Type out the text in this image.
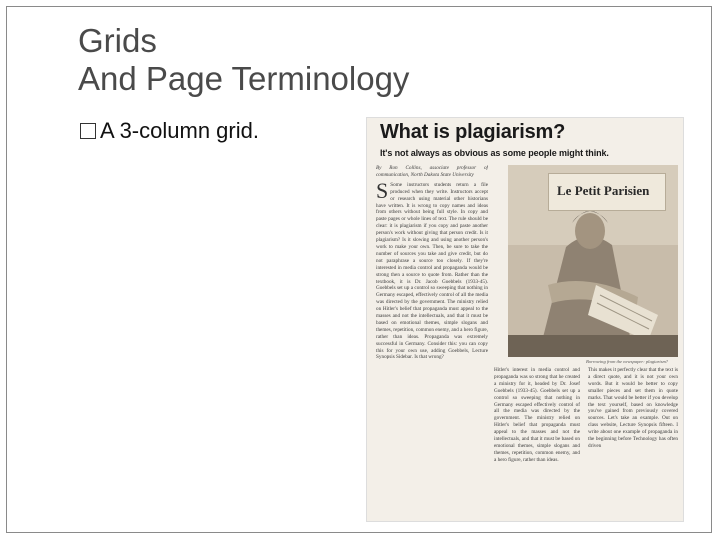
Grids
And Page Terminology
A 3-column grid.	What is plagiarism?
It's not always as obvious as some people might think.
By Ron Collins, associate professor of communication, North Dakota State University
S Some instructors students return a file produced when they write. Instructors accept or research using material other historians have written. It is wrong to copy names and ideas from others without being full style. In copy and paste pages or whole lines of text. The rule should be clear: it is plagiarism if you copy and paste another person's work without giving that person credit. Is it plagiarism? Is it slowing and using another person's work to make your own. Then, be sure to take the number of sources you take and give credit, but do not paraphrase a source too closely. If they're interested in media control and propaganda would be strong then a source to quote from. Rather than the textbook, it is Dr. Jacob Goebbels (1933-45). Goebbels set up a control so sweeping that nothing in Germany escaped, effectively control of all the media was directed by the government. The ministry relied on Hitler's belief that propaganda must appeal to the masses and not the intellectuals, and that it must be based on emotional themes, simple slogans and themes, repetition, common enemy, and a hero figure, rather than ideas. Propaganda was extremely successful in Germany. Consider this: you can copy this for your own use, adding Goebbels, Lecture Synopsis Sidebar. Is that wrong?
Le Petit Parisien
Borrowing from the newspaper: plagiarism?
Hitler's interest in media control and propaganda was so strong that he created a ministry for it, headed by Dr. Josef Goebbels (1933-45). Goebbels set up a control so sweeping that nothing in Germany escaped effectively control of all the media was directed by the government. The ministry relied on Hitler's belief that propaganda must appeal to the masses and not the intellectuals, and that it must be based on emotional themes, simple slogans and themes, repetition, common enemy, and a hero figure, rather than ideas.
This makes it perfectly clear that the text is a direct quote, and it is not your own words. But it would be better to copy smaller pieces and set them in quote marks. That would be better if you develop the text yourself, based on knowledge you've gained from previously covered sources. Let's take an example. Out on class website, Lecture Synopsis fifteen. I write about one example of propaganda in the beginning before Technology has often driven
